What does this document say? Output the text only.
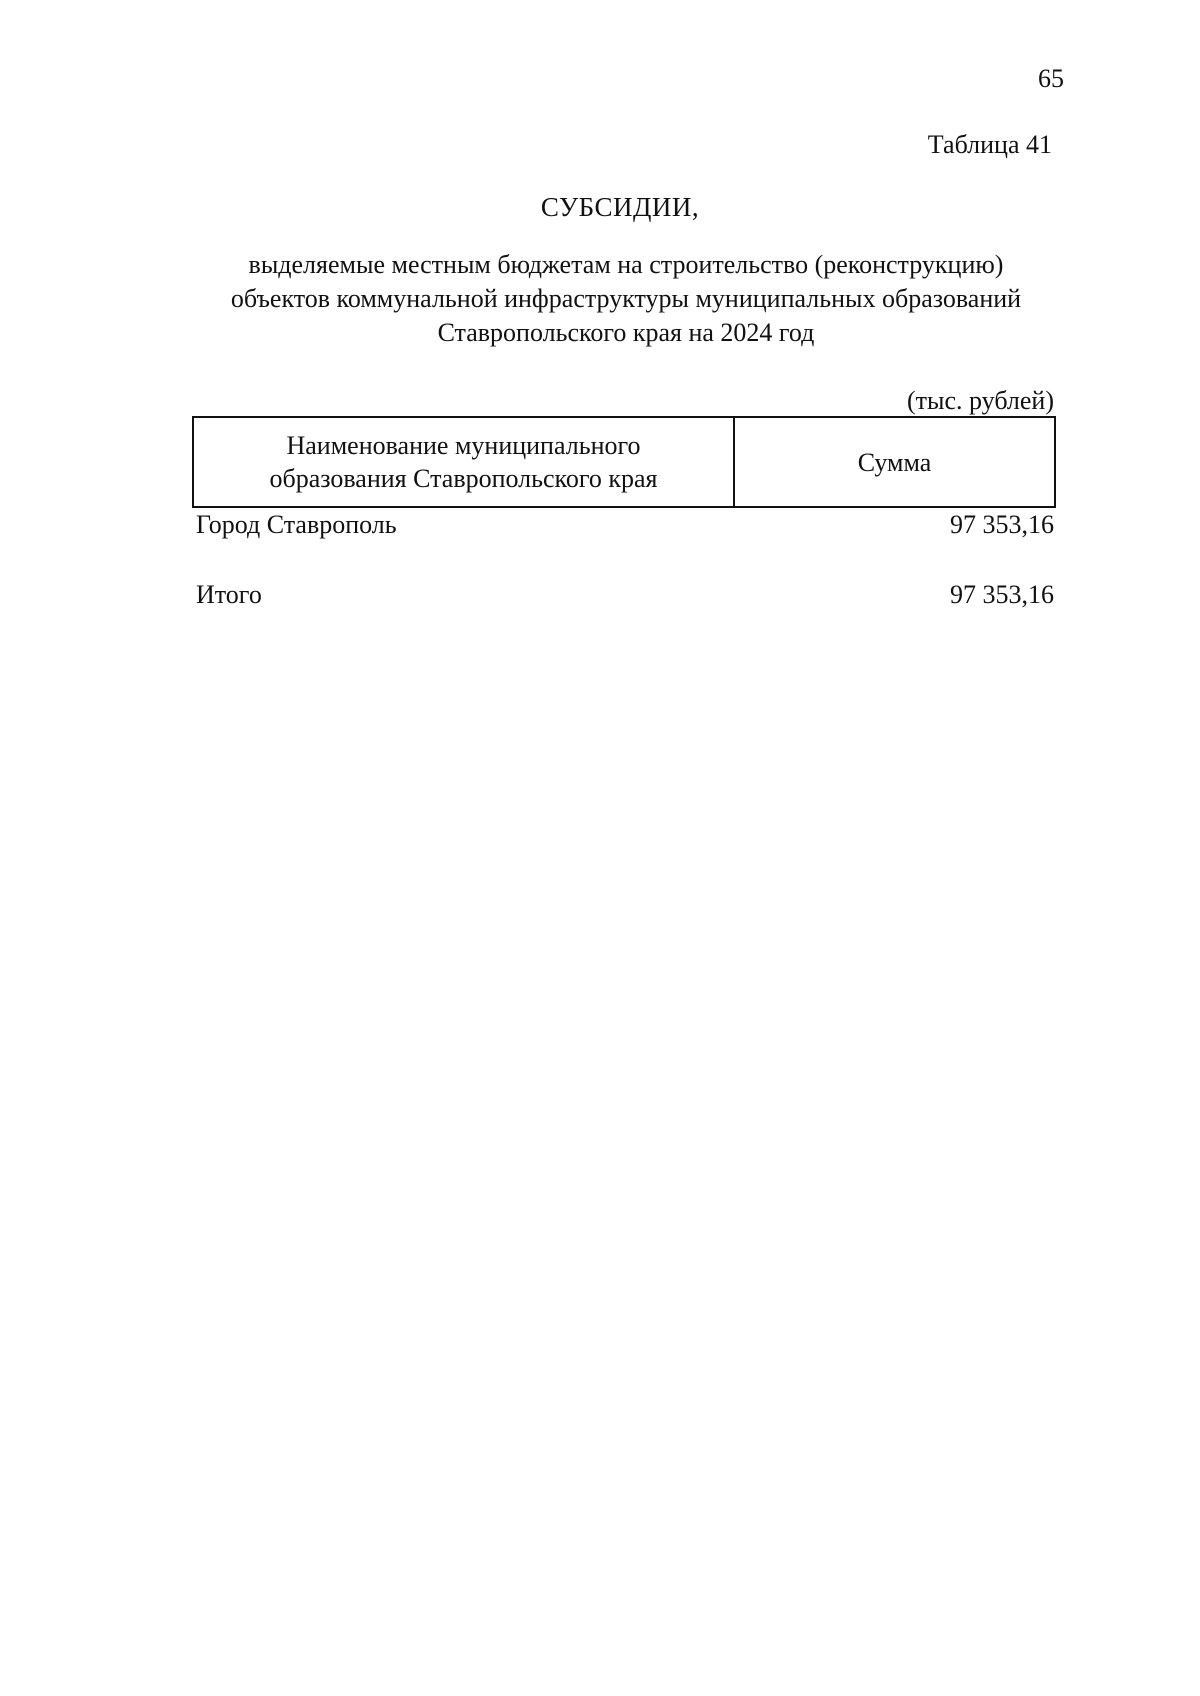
65
Таблица 41
СУБСИДИИ,
выделяемые местным бюджетам на строительство (реконструкцию)
объектов коммунальной инфраструктуры муниципальных образований
Ставропольского края на 2024 год
(тыс. рублей)
Наименование муниципального
образования Ставропольского края
Сумма
Город Ставрополь	97 353,16
Итого	97 353,16
